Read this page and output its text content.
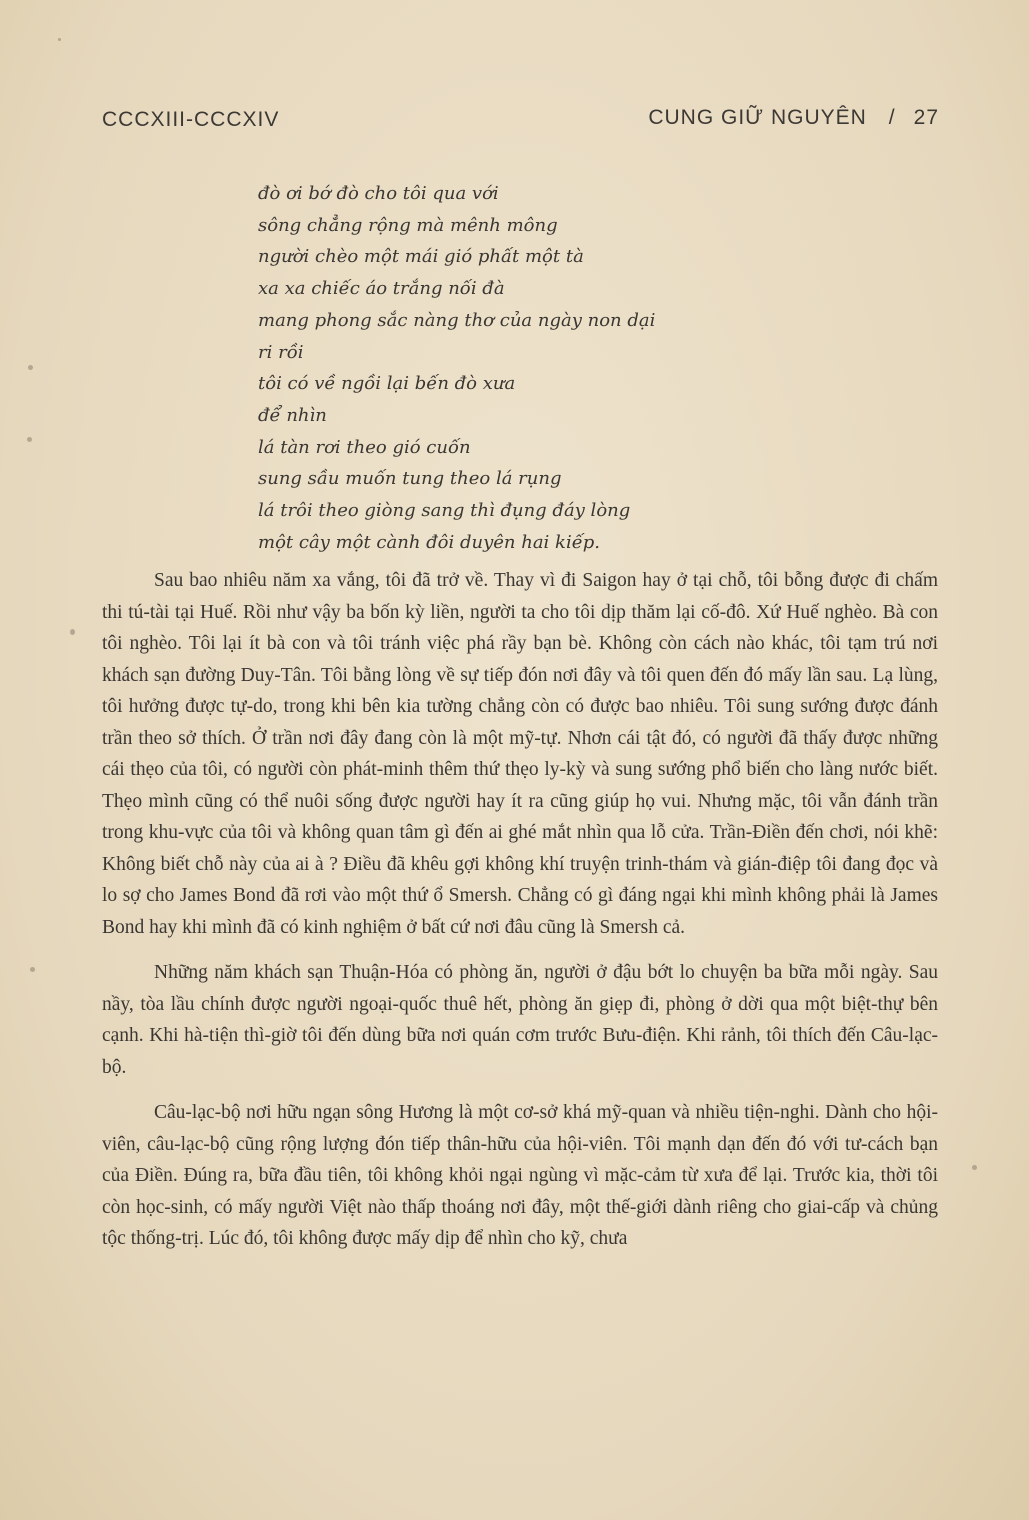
CCCXIII-CCCXIV	CUNG GIỮ NGUYÊN / 27
đò ơi bớ đò cho tôi qua với
sông chẳng rộng mà mênh mông
người chèo một mái gió phất một tà
xa xa chiếc áo trắng nối đà
mang phong sắc nàng thơ của ngày non dại
ri rồi
tôi có về ngồi lại bến đò xưa
để nhìn
lá tàn rơi theo gió cuốn
sung sầu muốn tung theo lá rụng
lá trôi theo giòng sang thì đụng đáy lòng
một cây một cành đôi duyên hai kiếp.

Sau bao nhiêu năm xa vắng, tôi đã trở về. Thay vì đi Saigon hay ở tại chỗ, tôi bỗng được đi chấm thi tú-tài tại Huế. Rồi như vậy ba bốn kỳ liền, người ta cho tôi dịp thăm lại cố-đô. Xứ Huế nghèo. Bà con tôi nghèo. Tôi lại ít bà con và tôi tránh việc phá rầy bạn bè. Không còn cách nào khác, tôi tạm trú nơi khách sạn đường Duy-Tân. Tôi bằng lòng về sự tiếp đón nơi đây và tôi quen đến đó mấy lần sau. Lạ lùng, tôi hưởng được tự-do, trong khi bên kia tường chẳng còn có được bao nhiêu. Tôi sung sướng được đánh trần theo sở thích. Ở trần nơi đây đang còn là một mỹ-tự. Nhơn cái tật đó, có người đã thấy được những cái thẹo của tôi, có người còn phát-minh thêm thứ thẹo ly-kỳ và sung sướng phổ biến cho làng nước biết. Thẹo mình cũng có thể nuôi sống được người hay ít ra cũng giúp họ vui. Nhưng mặc, tôi vẫn đánh trần trong khu-vực của tôi và không quan tâm gì đến ai ghé mắt nhìn qua lỗ cửa. Trần-Điền đến chơi, nói khẽ: Không biết chỗ này của ai à ? Điều đã khêu gợi không khí truyện trinh-thám và gián-điệp tôi đang đọc và lo sợ cho James Bond đã rơi vào một thứ ổ Smersh. Chẳng có gì đáng ngại khi mình không phải là James Bond hay khi mình đã có kinh nghiệm ở bất cứ nơi đâu cũng là Smersh cả.

Những năm khách sạn Thuận-Hóa có phòng ăn, người ở đậu bớt lo chuyện ba bữa mỗi ngày. Sau nầy, tòa lầu chính được người ngoại-quốc thuê hết, phòng ăn giẹp đi, phòng ở dời qua một biệt-thự bên cạnh. Khi hà-tiện thì-giờ tôi đến dùng bữa nơi quán cơm trước Bưu-điện. Khi rảnh, tôi thích đến Câu-lạc-bộ.

Câu-lạc-bộ nơi hữu ngạn sông Hương là một cơ-sở khá mỹ-quan và nhiều tiện-nghi. Dành cho hội-viên, câu-lạc-bộ cũng rộng lượng đón tiếp thân-hữu của hội-viên. Tôi mạnh dạn đến đó với tư-cách bạn của Điền. Đúng ra, bữa đầu tiên, tôi không khỏi ngại ngùng vì mặc-cảm từ xưa để lại. Trước kia, thời tôi còn học-sinh, có mấy người Việt nào thấp thoáng nơi đây, một thế-giới dành riêng cho giai-cấp và chủng tộc thống-trị. Lúc đó, tôi không được mấy dịp để nhìn cho kỹ, chưa
